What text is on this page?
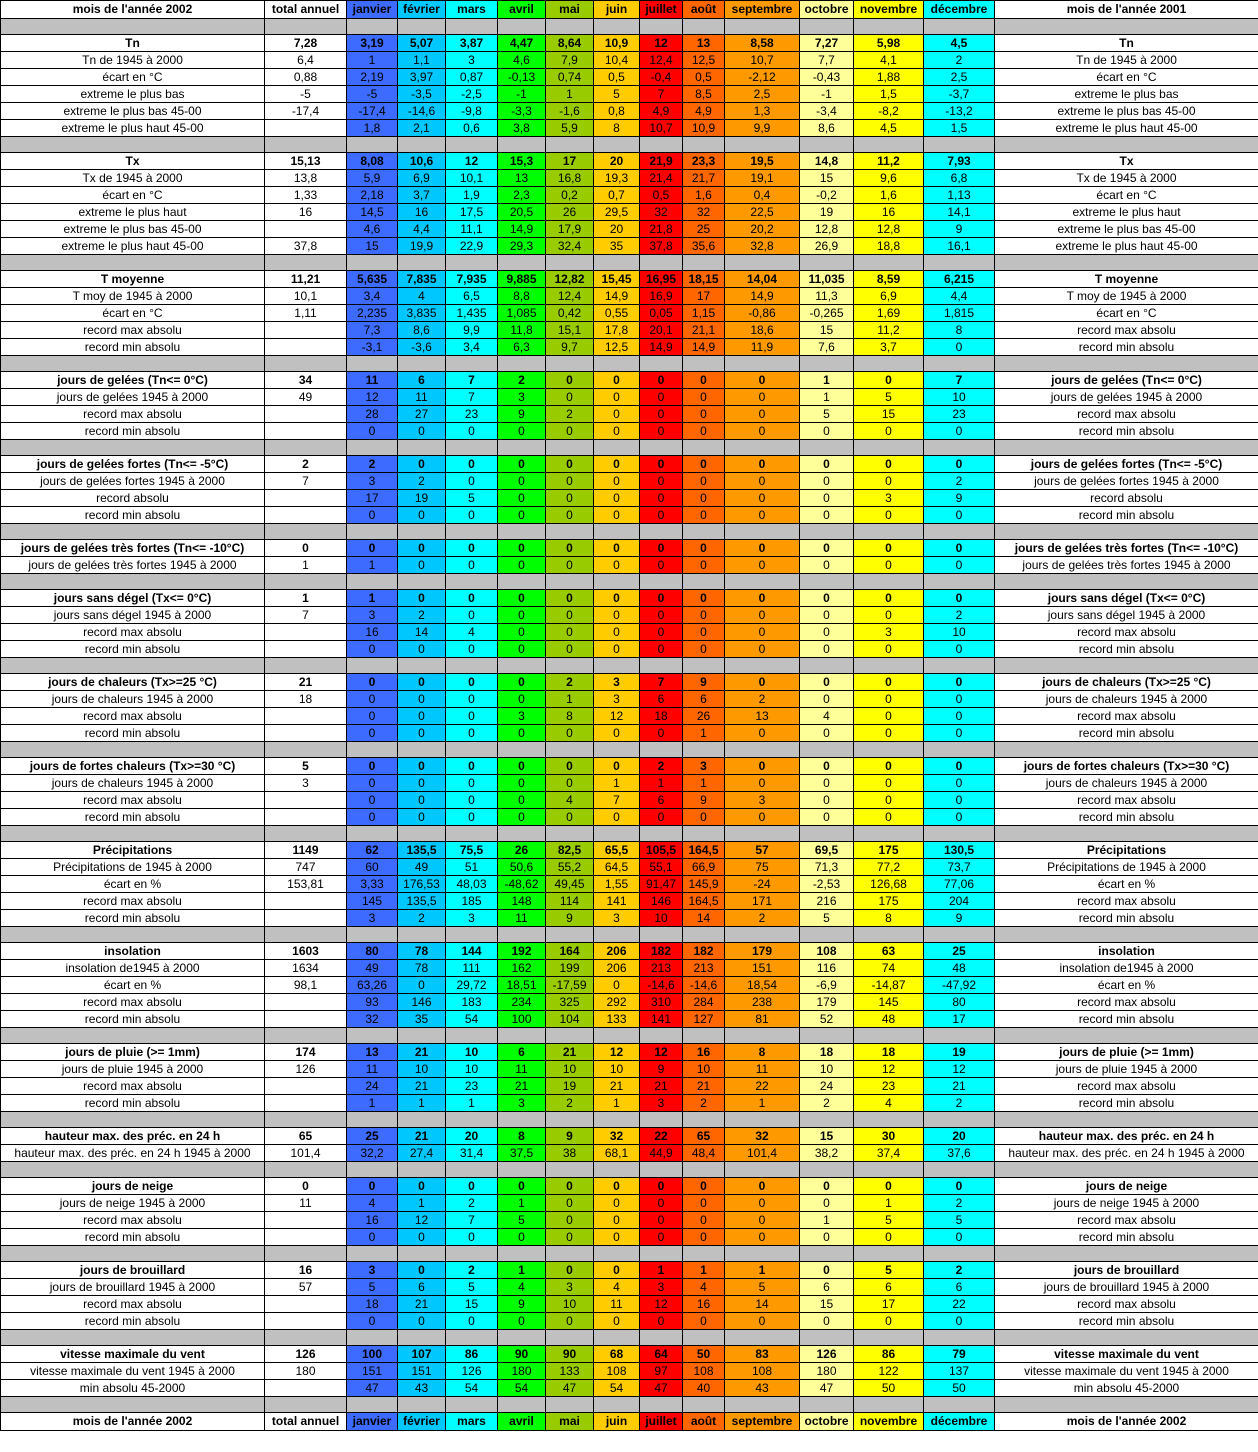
mois de l'année 2002	total annuel	janvier	février	mars	avril	mai	juin	juillet	août	septembre	octobre	novembre	décembre	mois de l'année 2001

Tn	7,28	3,19	5,07	3,87	4,47	8,64	10,9	12	13	8,58	7,27	5,98	4,5	Tn
Tn de 1945 à 2000	6,4	1	1,1	3	4,6	7,9	10,4	12,4	12,5	10,7	7,7	4,1	2	Tn de 1945 à 2000
écart en °C	0,88	2,19	3,97	0,87	-0,13	0,74	0,5	-0,4	0,5	-2,12	-0,43	1,88	2,5	écart en °C
extreme le plus bas	-5	-5	-3,5	-2,5	-1	1	5	7	8,5	2,5	-1	1,5	-3,7	extreme le plus bas
extreme le plus bas 45-00	-17,4	-17,4	-14,6	-9,8	-3,3	-1,6	0,8	4,9	4,9	1,3	-3,4	-8,2	-13,2	extreme le plus bas 45-00
extreme le plus haut 45-00		1,8	2,1	0,6	3,8	5,9	8	10,7	10,9	9,9	8,6	4,5	1,5	extreme le plus haut 45-00

Tx	15,13	8,08	10,6	12	15,3	17	20	21,9	23,3	19,5	14,8	11,2	7,93	Tx
Tx de 1945 à 2000	13,8	5,9	6,9	10,1	13	16,8	19,3	21,4	21,7	19,1	15	9,6	6,8	Tx de 1945 à 2000
écart en °C	1,33	2,18	3,7	1,9	2,3	0,2	0,7	0,5	1,6	0,4	-0,2	1,6	1,13	écart en °C
extreme le plus haut	16	14,5	16	17,5	20,5	26	29,5	32	32	22,5	19	16	14,1	extreme le plus haut
extreme le plus bas 45-00		4,6	4,4	11,1	14,9	17,9	20	21,8	25	20,2	12,8	12,8	9	extreme le plus bas 45-00
extreme le plus haut 45-00	37,8	15	19,9	22,9	29,3	32,4	35	37,8	35,6	32,8	26,9	18,8	16,1	extreme le plus haut 45-00

T moyenne	11,21	5,635	7,835	7,935	9,885	12,82	15,45	16,95	18,15	14,04	11,035	8,59	6,215	T moyenne
T moy de 1945 à 2000	10,1	3,4	4	6,5	8,8	12,4	14,9	16,9	17	14,9	11,3	6,9	4,4	T moy de 1945 à 2000
écart en °C	1,11	2,235	3,835	1,435	1,085	0,42	0,55	0,05	1,15	-0,86	-0,265	1,69	1,815	écart en °C
record max absolu		7,3	8,6	9,9	11,8	15,1	17,8	20,1	21,1	18,6	15	11,2	8	record max absolu
record min absolu		-3,1	-3,6	3,4	6,3	9,7	12,5	14,9	14,9	11,9	7,6	3,7	0	record min absolu

jours de gelées (Tn<= 0°C)	34	11	6	7	2	0	0	0	0	0	1	0	7	jours de gelées (Tn<= 0°C)
jours de gelées 1945 à 2000	49	12	11	7	3	0	0	0	0	0	1	5	10	jours de gelées 1945 à 2000
record max absolu		28	27	23	9	2	0	0	0	0	5	15	23	record max absolu
record min absolu		0	0	0	0	0	0	0	0	0	0	0	0	record min absolu

jours de gelées fortes (Tn<= -5°C)	2	2	0	0	0	0	0	0	0	0	0	0	0	jours de gelées fortes (Tn<= -5°C)
jours de gelées fortes 1945 à 2000	7	3	2	0	0	0	0	0	0	0	0	0	2	jours de gelées fortes 1945 à 2000
record absolu		17	19	5	0	0	0	0	0	0	0	3	9	record absolu
record min absolu		0	0	0	0	0	0	0	0	0	0	0	0	record min absolu

jours de gelées très fortes (Tn<= -10°C)	0	0	0	0	0	0	0	0	0	0	0	0	0	jours de gelées très fortes (Tn<= -10°C)
jours de gelées très fortes 1945 à 2000	1	1	0	0	0	0	0	0	0	0	0	0	0	jours de gelées très fortes 1945 à 2000

jours sans dégel (Tx<= 0°C)	1	1	0	0	0	0	0	0	0	0	0	0	0	jours sans dégel (Tx<= 0°C)
jours sans dégel 1945 à 2000	7	3	2	0	0	0	0	0	0	0	0	0	2	jours sans dégel 1945 à 2000
record max absolu		16	14	4	0	0	0	0	0	0	0	3	10	record max absolu
record min absolu		0	0	0	0	0	0	0	0	0	0	0	0	record min absolu

jours de chaleurs (Tx>=25 °C)	21	0	0	0	0	2	3	7	9	0	0	0	0	jours de chaleurs (Tx>=25 °C)
jours de chaleurs 1945 à 2000	18	0	0	0	0	1	3	6	6	2	0	0	0	jours de chaleurs 1945 à 2000
record max absolu		0	0	0	3	8	12	18	26	13	4	0	0	record max absolu
record min absolu		0	0	0	0	0	0	0	1	0	0	0	0	record min absolu

jours de fortes chaleurs (Tx>=30 °C)	5	0	0	0	0	0	0	2	3	0	0	0	0	jours de fortes chaleurs (Tx>=30 °C)
jours de chaleurs 1945 à 2000	3	0	0	0	0	0	1	1	1	0	0	0	0	jours de chaleurs 1945 à 2000
record max absolu		0	0	0	0	4	7	6	9	3	0	0	0	record max absolu
record min absolu		0	0	0	0	0	0	0	0	0	0	0	0	record min absolu

Précipitations	1149	62	135,5	75,5	26	82,5	65,5	105,5	164,5	57	69,5	175	130,5	Précipitations
Précipitations de 1945 à 2000	747	60	49	51	50,6	55,2	64,5	55,1	66,9	75	71,3	77,2	73,7	Précipitations de 1945 à 2000
écart en %	153,81	3,33	176,53	48,03	-48,62	49,45	1,55	91,47	145,9	-24	-2,53	126,68	77,06	écart en %
record max absolu		145	135,5	185	148	114	141	146	164,5	171	216	175	204	record max absolu
record min absolu		3	2	3	11	9	3	10	14	2	5	8	9	record min absolu

insolation	1603	80	78	144	192	164	206	182	182	179	108	63	25	insolation
insolation de1945 à 2000	1634	49	78	111	162	199	206	213	213	151	116	74	48	insolation de1945 à 2000
écart en %	98,1	63,26	0	29,72	18,51	-17,59	0	-14,6	-14,6	18,54	-6,9	-14,87	-47,92	écart en %
record max absolu		93	146	183	234	325	292	310	284	238	179	145	80	record max absolu
record min absolu		32	35	54	100	104	133	141	127	81	52	48	17	record min absolu

jours de pluie (>= 1mm)	174	13	21	10	6	21	12	12	16	8	18	18	19	jours de pluie (>= 1mm)
jours de pluie 1945 à 2000	126	11	10	10	11	10	10	9	10	11	10	12	12	jours de pluie 1945 à 2000
record max absolu		24	21	23	21	19	21	21	21	22	24	23	21	record max absolu
record min absolu		1	1	1	3	2	1	3	2	1	2	4	2	record min absolu

hauteur max. des préc. en 24 h	65	25	21	20	8	9	32	22	65	32	15	30	20	hauteur max. des préc. en 24 h
hauteur max. des préc. en 24 h 1945 à 2000	101,4	32,2	27,4	31,4	37,5	38	68,1	44,9	48,4	101,4	38,2	37,4	37,6	hauteur max. des préc. en 24 h 1945 à 2000

jours de neige	0	0	0	0	0	0	0	0	0	0	0	0	0	jours de neige
jours de neige 1945 à 2000	11	4	1	2	1	0	0	0	0	0	0	1	2	jours de neige 1945 à 2000
record max absolu		16	12	7	5	0	0	0	0	0	1	5	5	record max absolu
record min absolu		0	0	0	0	0	0	0	0	0	0	0	0	record min absolu

jours de brouillard	16	3	0	2	1	0	0	1	1	1	0	5	2	jours de brouillard
jours de brouillard 1945 à 2000	57	5	6	5	4	3	4	3	4	5	6	6	6	jours de brouillard 1945 à 2000
record max absolu		18	21	15	9	10	11	12	16	14	15	17	22	record max absolu
record min absolu		0	0	0	0	0	0	0	0	0	0	0	0	record min absolu

vitesse maximale du vent	126	100	107	86	90	90	68	64	50	83	126	86	79	vitesse maximale du vent
vitesse maximale du vent 1945 à 2000	180	151	151	126	180	133	108	97	108	108	180	122	137	vitesse maximale du vent 1945 à 2000
min absolu 45-2000		47	43	54	54	47	54	47	40	43	47	50	50	min absolu 45-2000

mois de l'année 2002	total annuel	janvier	février	mars	avril	mai	juin	juillet	août	septembre	octobre	novembre	décembre	mois de l'année 2002
